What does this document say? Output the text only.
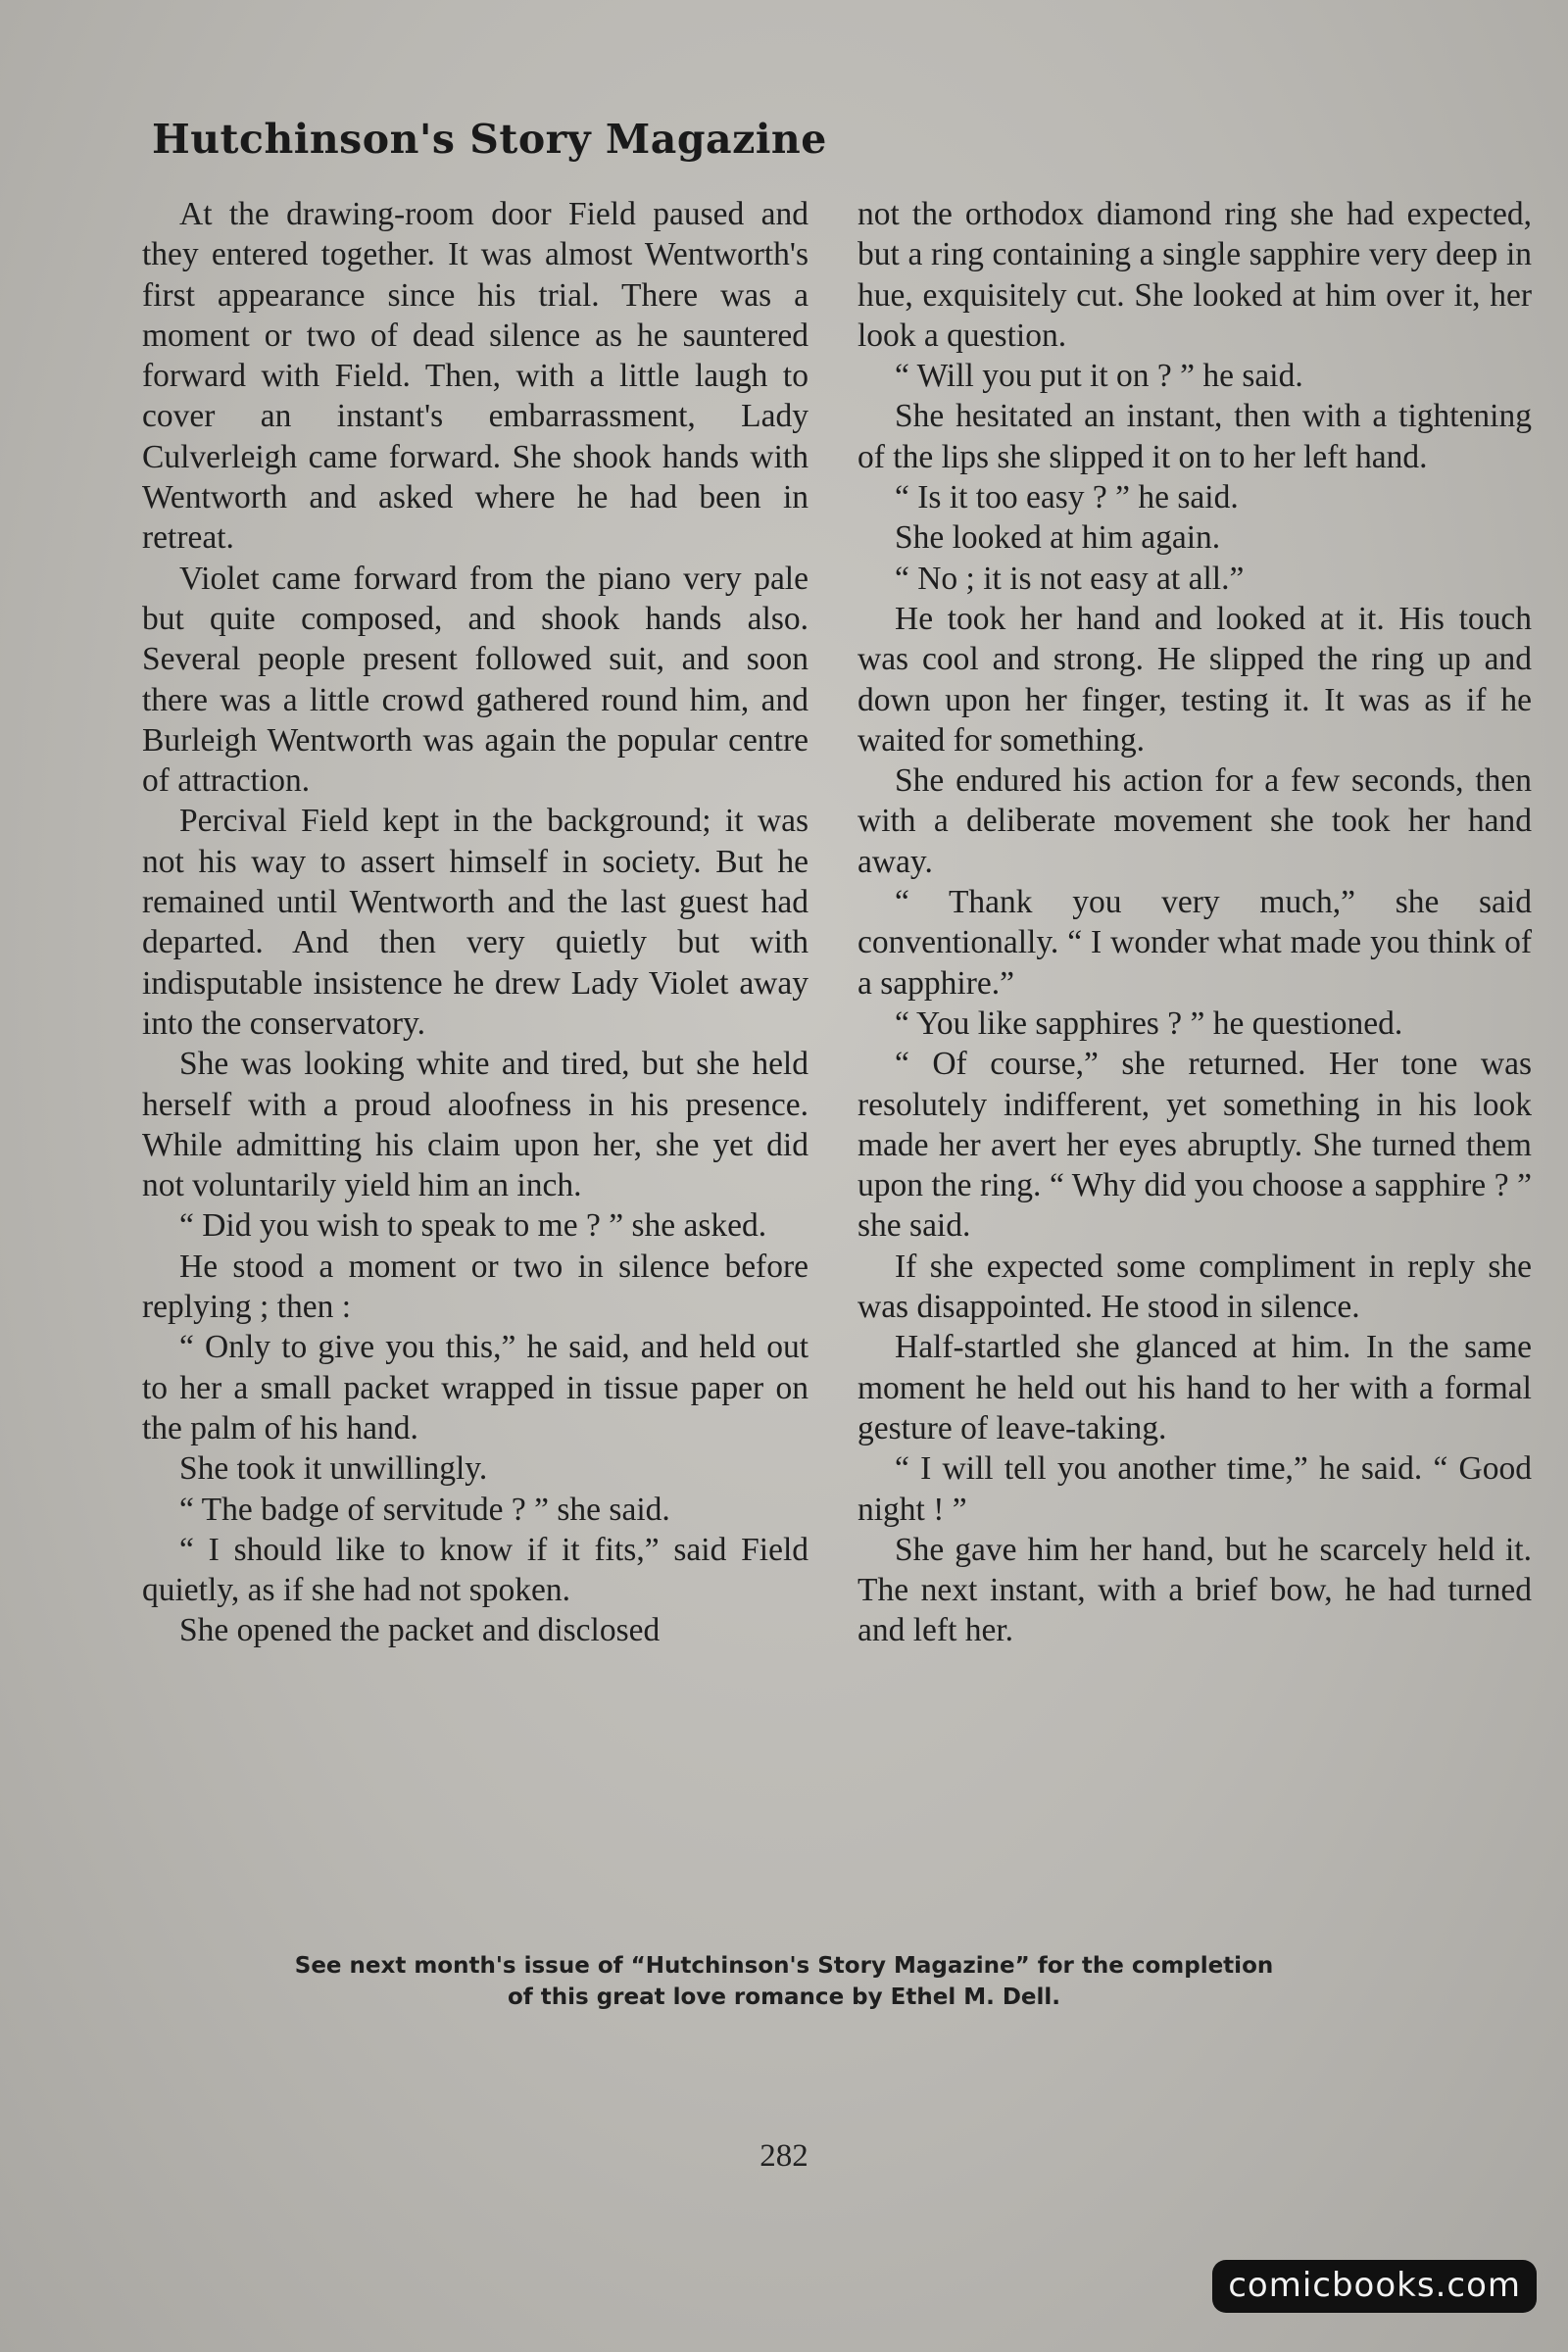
Hutchinson's Story Magazine

At the drawing-room door Field paused and they entered together. It was almost Wentworth's first appearance since his trial. There was a moment or two of dead silence as he sauntered forward with Field. Then, with a little laugh to cover an instant's embarrassment, Lady Culverleigh came forward. She shook hands with Wentworth and asked where he had been in retreat.

Violet came forward from the piano very pale but quite composed, and shook hands also. Several people present followed suit, and soon there was a little crowd gathered round him, and Burleigh Wentworth was again the popular centre of attraction.

Percival Field kept in the background; it was not his way to assert himself in society. But he remained until Wentworth and the last guest had departed. And then very quietly but with indisputable insistence he drew Lady Violet away into the conservatory.

She was looking white and tired, but she held herself with a proud aloofness in his presence. While admitting his claim upon her, she yet did not voluntarily yield him an inch.

“ Did you wish to speak to me ? ” she asked.

He stood a moment or two in silence before replying ; then :

“ Only to give you this,” he said, and held out to her a small packet wrapped in tissue paper on the palm of his hand.

She took it unwillingly.

“ The badge of servitude ? ” she said.

“ I should like to know if it fits,” said Field quietly, as if she had not spoken.

She opened the packet and disclosed

not the orthodox diamond ring she had expected, but a ring containing a single sapphire very deep in hue, exquisitely cut. She looked at him over it, her look a question.

“ Will you put it on ? ” he said.

She hesitated an instant, then with a tightening of the lips she slipped it on to her left hand.

“ Is it too easy ? ” he said.

She looked at him again.

“ No ; it is not easy at all.”

He took her hand and looked at it. His touch was cool and strong. He slipped the ring up and down upon her finger, testing it. It was as if he waited for something.

She endured his action for a few seconds, then with a deliberate movement she took her hand away.

“ Thank you very much,” she said conventionally. “ I wonder what made you think of a sapphire.”

“ You like sapphires ? ” he questioned.

“ Of course,” she returned. Her tone was resolutely indifferent, yet something in his look made her avert her eyes abruptly. She turned them upon the ring. “ Why did you choose a sapphire ? ” she said.

If she expected some compliment in reply she was disappointed. He stood in silence.

Half-startled she glanced at him. In the same moment he held out his hand to her with a formal gesture of leave-taking.

“ I will tell you another time,” he said. “ Good night ! ”

She gave him her hand, but he scarcely held it. The next instant, with a brief bow, he had turned and left her.

See next month's issue of “Hutchinson's Story Magazine” for the completion
of this great love romance by Ethel M. Dell.
282
comicbooks.com
